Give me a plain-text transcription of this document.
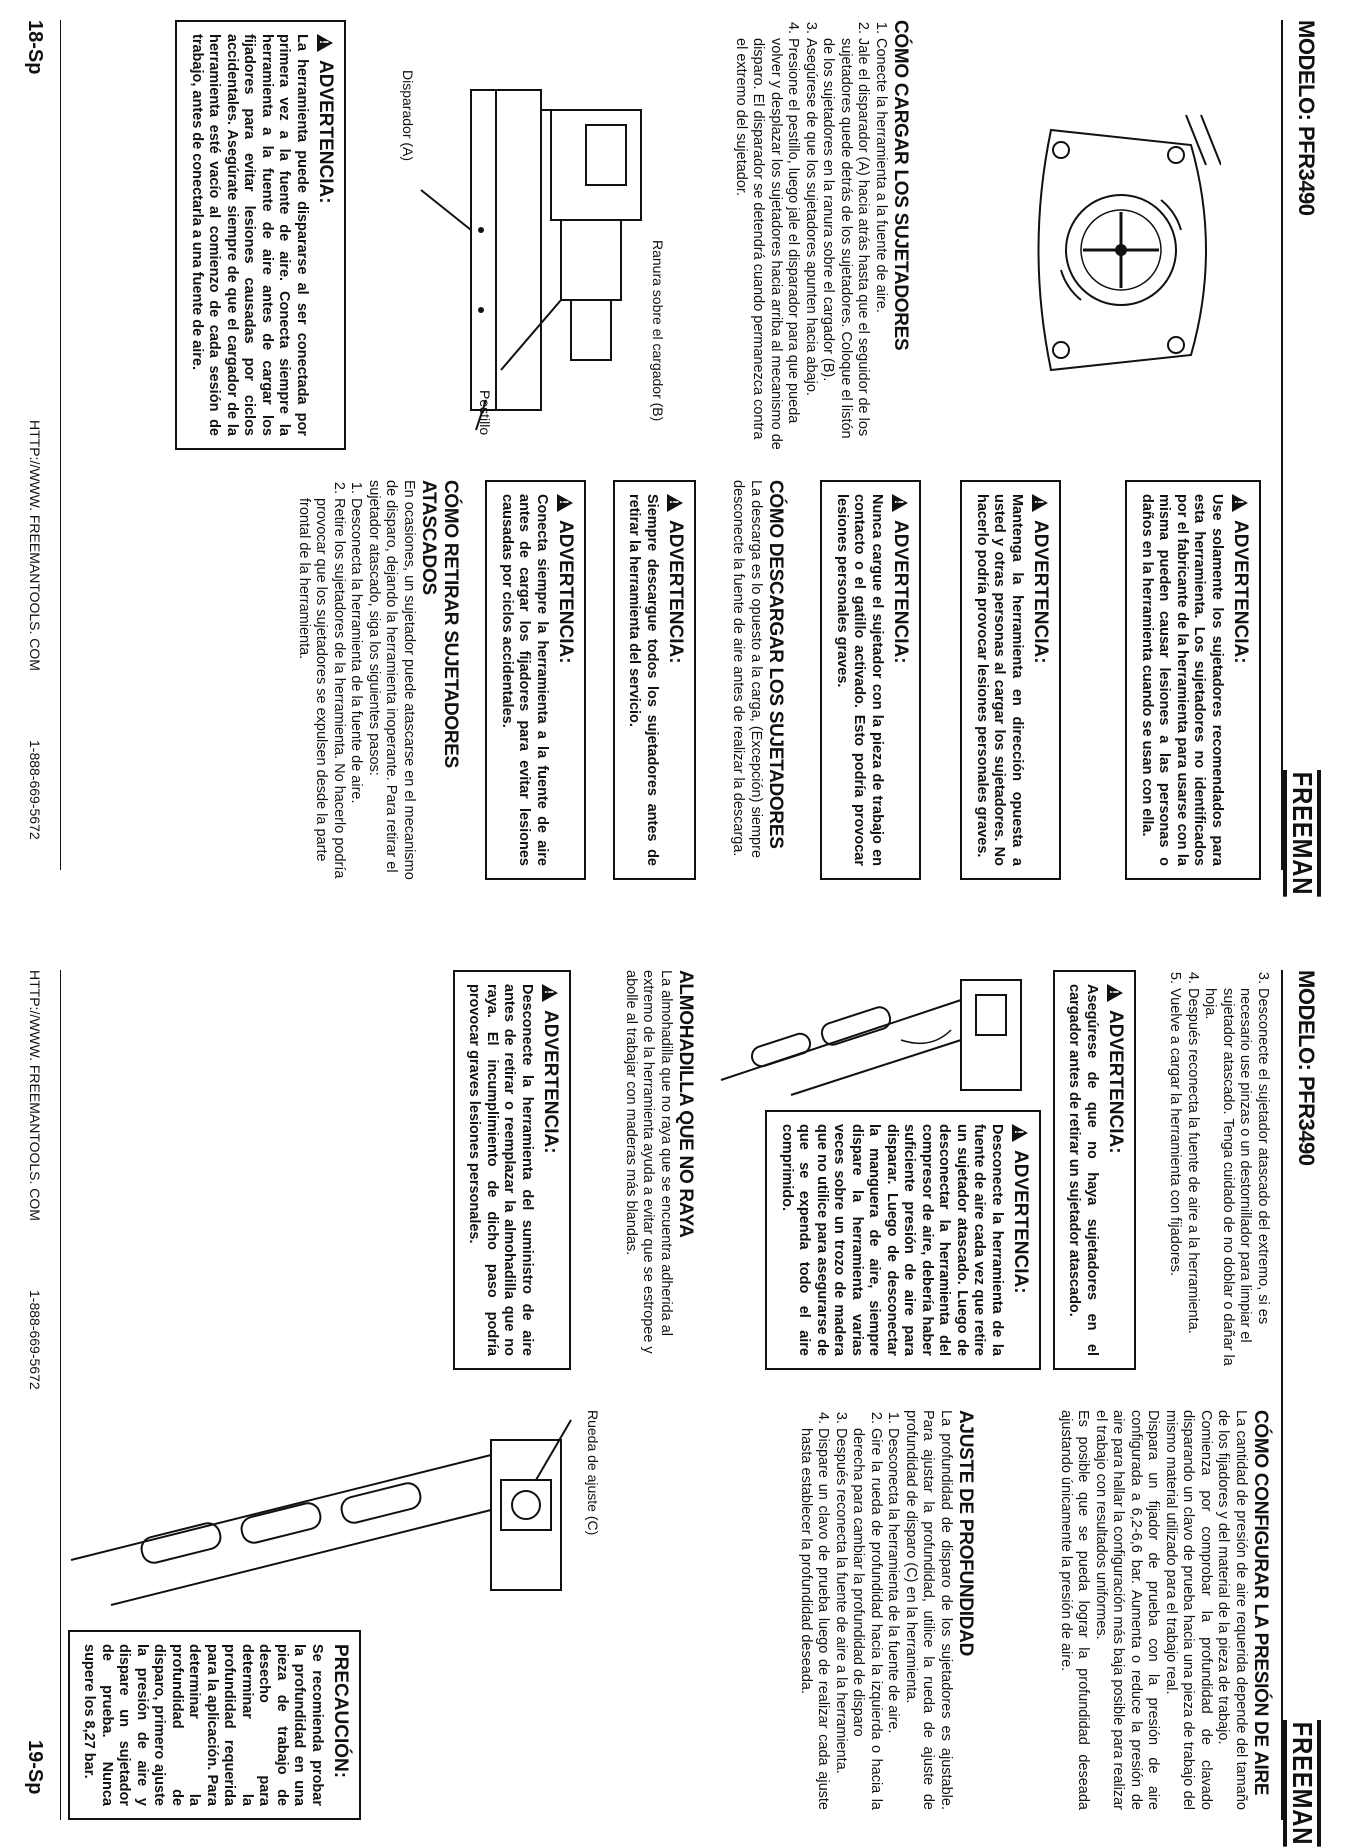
MODELO: PFR3490
FREEMAN
CÓMO CARGAR LOS SUJETADORES
1. Conecte la herramienta a la fuente de aire.
2. Jale el disparador (A) hacia atrás hasta que el seguidor de los sujetadores quede detrás de los sujetadores. Coloque el listón de los sujetadores en la ranura sobre el cargador (B).
3. Asegúrese de que los sujetadores apunten hacia abajo.
4. Presione el pestillo, luego jale el disparador para que pueda volver y desplazar los sujetadores hacia arriba al mecanismo de disparo. El disparador se detendrá cuando permanezca contra el extremo del sujetador.
Ranura sobre el cargador (B)
Pestillo
Disparador (A)
!
ADVERTENCIA:
La herramienta puede dispararse al ser conectada por primera vez a la fuente de aire. Conecta siempre la herramienta a la fuente de aire antes de cargar los fijadores para evitar lesiones causadas por ciclos accidentales. Asegúrate siempre de que el cargador de la herramienta esté vacío al comienzo de cada sesión de trabajo, antes de conectarla a una fuente de aire.
!
ADVERTENCIA:
Use solamente los sujetadores recomendados para esta herramienta. Los sujetadores no identificados por el fabricante de la herramienta para usarse con la misma pueden causar lesiones a las personas o daños en la herramienta cuando se usan con ella.
!
ADVERTENCIA:
Mantenga la herramienta en dirección opuesta a usted y otras personas al cargar los sujetadores. No hacerlo podría provocar lesiones personales graves.
!
ADVERTENCIA:
Nunca cargue el sujetador con la pieza de trabajo en contacto o el gatillo activado. Esto podría provocar lesiones personales graves.
CÓMO DESCARGAR LOS SUJETADORES

La descarga es lo opuesto a la carga, (Excepción) siempre desconecte la fuente de aire antes de realizar la descarga.

!
ADVERTENCIA:
Siempre descargue todos los sujetadores antes de retirar la herramienta del servicio.
!
ADVERTENCIA:
Conecta siempre la herramienta a la fuente de aire antes de cargar los fijadores para evitar lesiones causadas por ciclos accidentales.
CÓMO RETIRAR SUJETADORES ATASCADOS

En ocasiones, un sujetador puede atascarse en el mecanismo de disparo, dejando la herramienta inoperante. Para retirar el sujetador atascado, siga los siguientes pasos:

1. Desconecta la herramienta de la fuente de aire.
2. Retire los sujetadores de la herramienta. No hacerlo podría provocar que los sujetadores se expulsen desde la parte frontal de la herramienta.
18-Sp
HTTP://WWW. FREEMANTOOLS. COM
1-888-669-5672
MODELO: PFR3490
FREEMAN
3. Desconecte el sujetador atascado del extremo, si es necesario use pinzas o un destornillador para limpiar el sujetador atascado. Tenga cuidado de no doblar o dañar la hoja.
4. Después reconecta la fuente de aire a la herramienta.
5. Vuelve a cargar la herramienta con fijadores.
!
ADVERTENCIA:
Asegúrese de que no haya sujetadores en el cargador antes de retirar un sujetador atascado.
!
ADVERTENCIA:
Desconecte la herramienta de la fuente de aire cada vez que retire un sujetador atascado. Luego de desconectar la herramienta del compresor de aire, debería haber suficiente presión de aire para disparar. Luego de desconectar la manguera de aire, siempre dispare la herramienta varias veces sobre un trozo de madera que no utilice para asegurarse de que se expenda todo el aire comprimido.
ALMOHADILLA QUE NO RAYA

La almohadilla que no raya que se encuentra adherida al extremo de la herramienta ayuda a evitar que se estropee y abolle al trabajar con maderas más blandas.

!
ADVERTENCIA:
Desconecte la herramienta del suministro de aire antes de retirar o reemplazar la almohadilla que no raya. El incumplimiento de dicho paso podría provocar graves lesiones personales.
CÓMO CONFIGURAR LA PRESIÓN DE AIRE

La cantidad de presión de aire requerida depende del tamaño de los fijadores y del material de la pieza de trabajo.

Comienza por comprobar la profundidad de clavado disparando un clavo de prueba hacia una pieza de trabajo del mismo material utilizado para el trabajo real.

Dispara un fijador de prueba con la presión de aire configurada a 6,2-6,6 bar. Aumenta o reduce la presión de aire para hallar la configuración más baja posible para realizar el trabajo con resultados uniformes.

Es posible que se pueda lograr la profundidad deseada ajustando únicamente la presión de aire.

AJUSTE DE PROFUNDIDAD

La profundidad de disparo de los sujetadores es ajustable. Para ajustar la profundidad, utilice la rueda de ajuste de profundidad de disparo (C) en la herramienta.

1. Desconecta la herramienta de la fuente de aire.
2. Gire la rueda de profundidad hacia la izquierda o hacia la derecha para cambiar la profundidad de disparo
3. Después reconecta la fuente de aire a la herramienta.
4. Dispare un clavo de prueba luego de realizar cada ajuste hasta establecer la profundidad deseada.
Rueda de ajuste (C)
PRECAUCIÓN:
Se recomienda probar la profundidad en una pieza de trabajo de desecho para determinar la profundidad requerida para la aplicación. Para determinar la profundidad de disparo, primero ajuste la presión de aire y dispare un sujetador de prueba. Nunca supere los 8,27 bar.
HTTP://WWW. FREEMANTOOLS. COM
1-888-669-5672
19-Sp
